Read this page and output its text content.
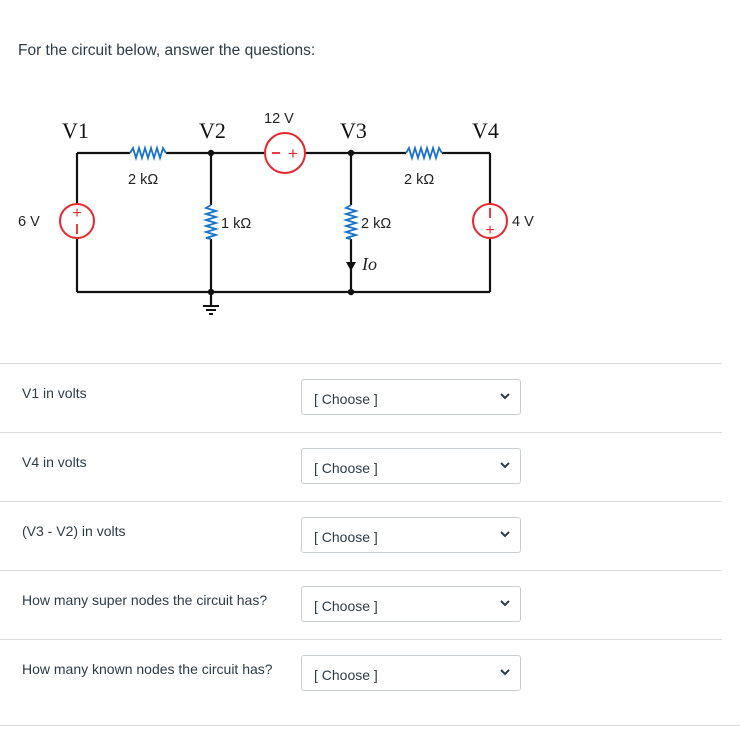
For the circuit below, answer the questions:
+
+
+
V1	V2	V3	V4
12 V
6 V	4 V
2 kΩ
1 kΩ	2 kΩ
2 kΩ
Io
V1 in volts	[ Choose ]
V4 in volts	[ Choose ]
(V3 - V2) in volts	[ Choose ]
How many super nodes the circuit has?	[ Choose ]
How many known nodes the circuit has?	[ Choose ]
